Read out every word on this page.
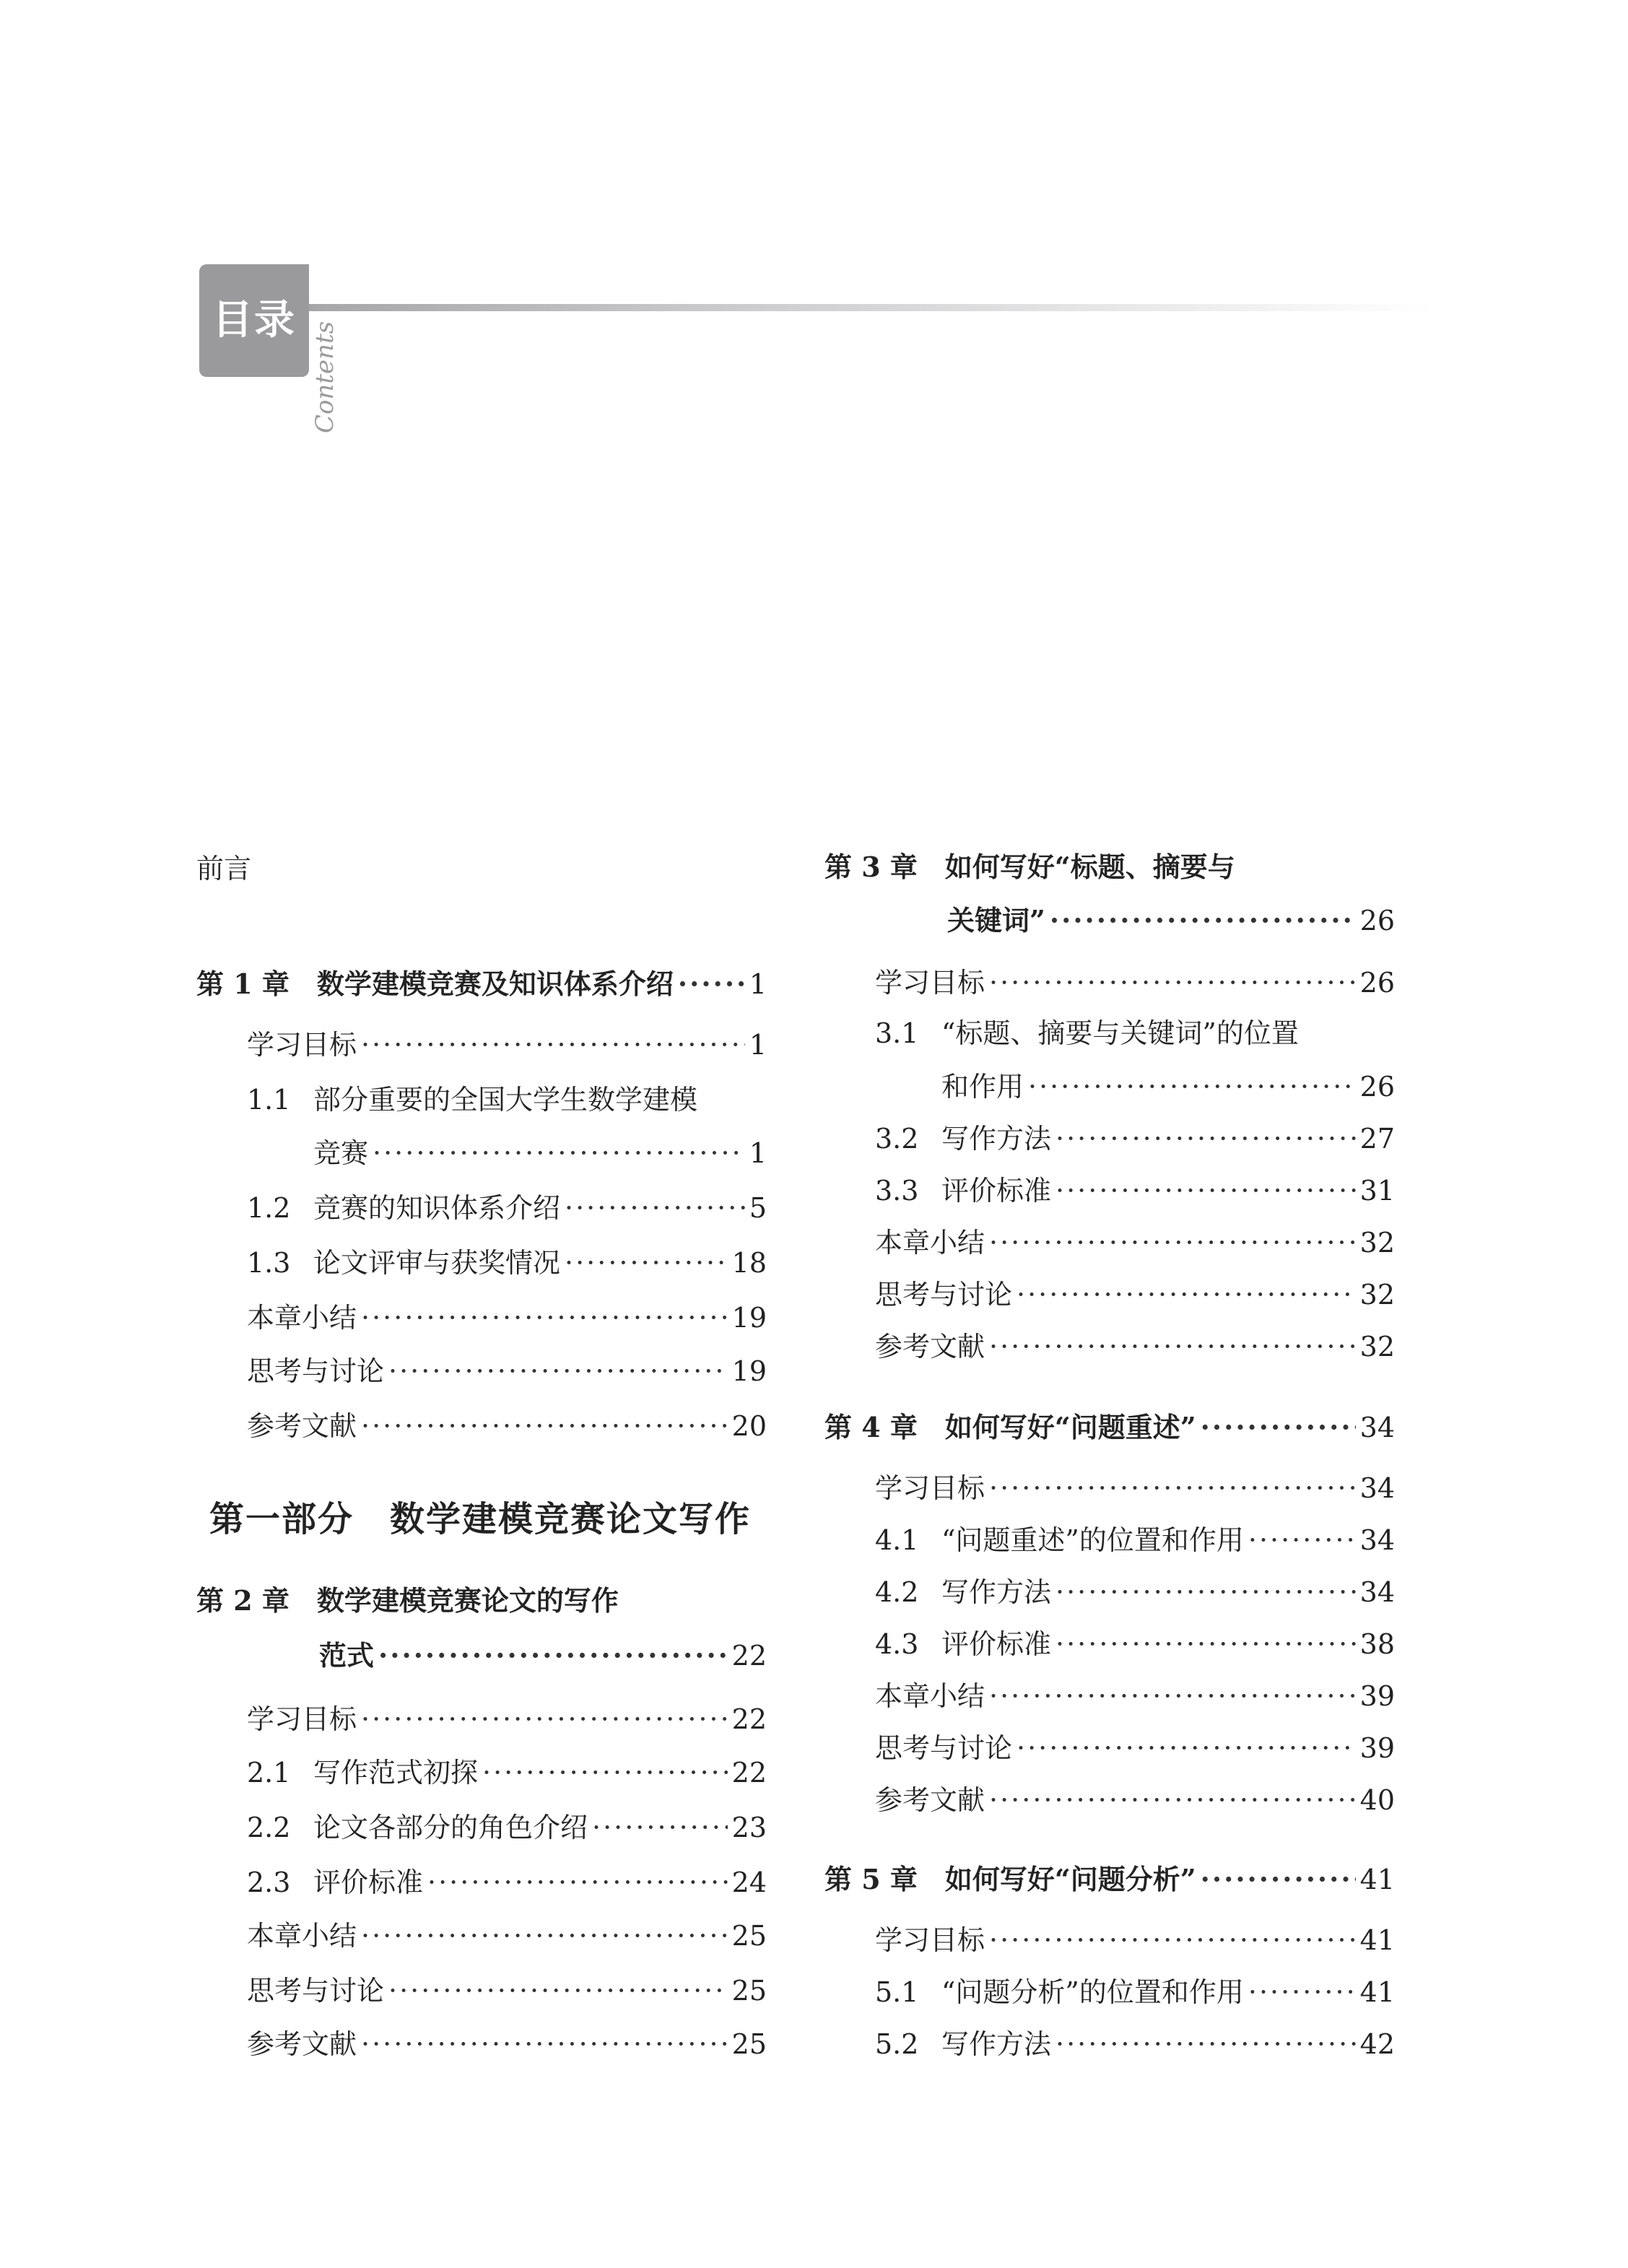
目录
Contents
前言
第 1 章　数学建模竞赛及知识体系介绍 ·····	1
学习目标 ·····	1
1.1 部分重要的全国大学生数学建模
竞赛 ·····	1
1.2 竞赛的知识体系介绍 ·····	5
1.3 论文评审与获奖情况 ·····	18
本章小结 ·····	19
思考与讨论 ·····	19
参考文献 ·····	20
第一部分　数学建模竞赛论文写作
第 2 章　数学建模竞赛论文的写作
范式 ·····	22
学习目标 ·····	22
2.1 写作范式初探 ·····	22
2.2 论文各部分的角色介绍 ·····	23
2.3 评价标准 ·····	24
本章小结 ·····	25
思考与讨论 ·····	25
参考文献 ·····	25
第 3 章　如何写好“标题、摘要与
关键词” ·····	26
学习目标 ·····	26
3.1 “标题、摘要与关键词”的位置
和作用 ·····	26
3.2 写作方法 ·····	27
3.3 评价标准 ·····	31
本章小结 ·····	32
思考与讨论 ·····	32
参考文献 ·····	32
第 4 章　如何写好“问题重述” ·····	34
学习目标 ·····	34
4.1 “问题重述”的位置和作用 ·····	34
4.2 写作方法 ·····	34
4.3 评价标准 ·····	38
本章小结 ·····	39
思考与讨论 ·····	39
参考文献 ·····	40
第 5 章　如何写好“问题分析” ·····	41
学习目标 ·····	41
5.1 “问题分析”的位置和作用 ·····	41
5.2 写作方法 ·····	42
